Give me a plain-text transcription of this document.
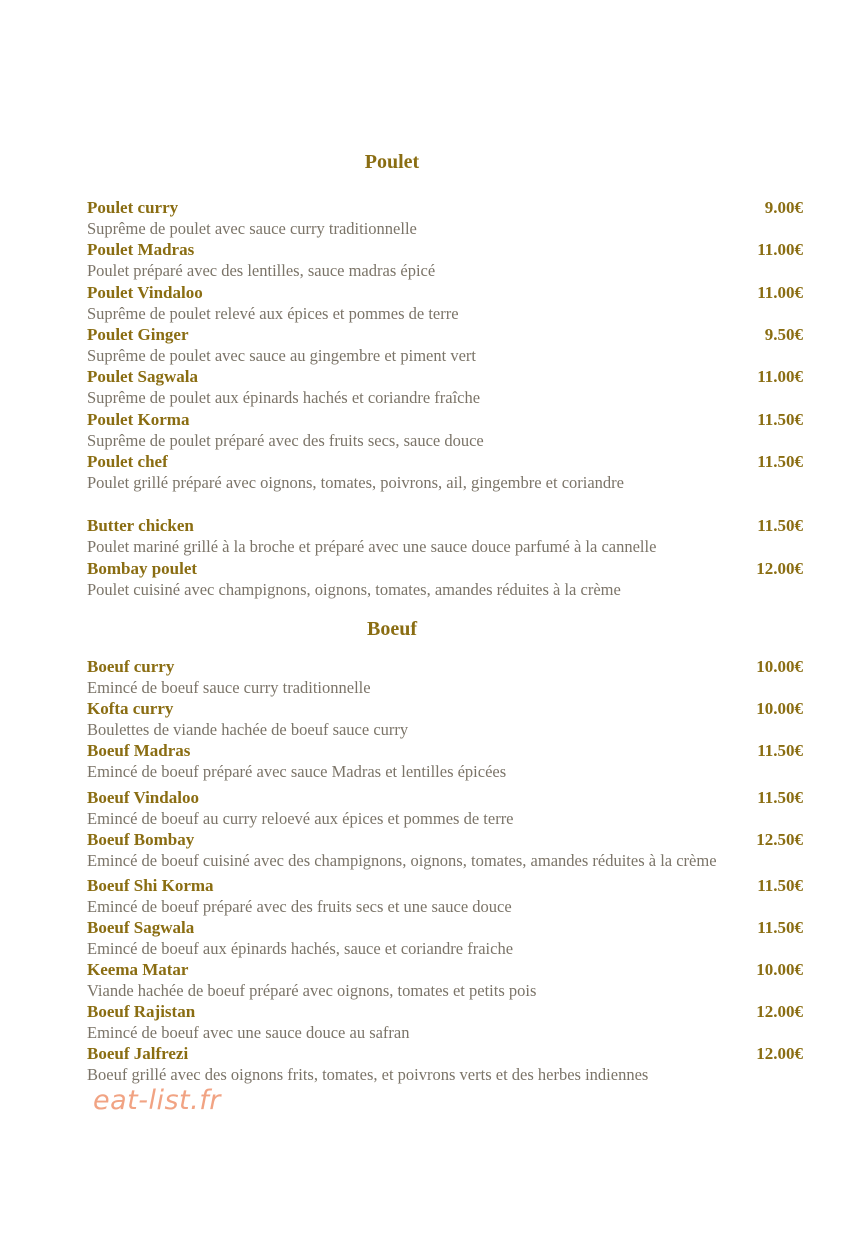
Poulet
Poulet curry	9.00€
Suprême de poulet avec sauce curry traditionnelle
Poulet Madras	11.00€
Poulet préparé avec des lentilles, sauce madras épicé
Poulet Vindaloo	11.00€
Suprême de poulet relevé aux épices et pommes de terre
Poulet Ginger	9.50€
Suprême de poulet avec sauce au gingembre et piment vert
Poulet Sagwala	11.00€
Suprême de poulet aux épinards hachés et coriandre fraîche
Poulet Korma	11.50€
Suprême de poulet préparé avec des fruits secs, sauce douce
Poulet chef	11.50€
Poulet grillé préparé avec oignons, tomates, poivrons, ail, gingembre et coriandre
Butter chicken	11.50€
Poulet mariné grillé à la broche et préparé avec une sauce douce parfumé à la cannelle
Bombay poulet	12.00€
Poulet cuisiné avec champignons, oignons, tomates, amandes réduites à la crème
Boeuf
Boeuf curry	10.00€
Emincé de boeuf sauce curry traditionnelle
Kofta curry	10.00€
Boulettes de viande hachée de boeuf sauce curry
Boeuf Madras	11.50€
Emincé de boeuf préparé avec sauce Madras et lentilles épicées
Boeuf Vindaloo	11.50€
Emincé de boeuf au curry reloevé aux épices et pommes de terre
Boeuf Bombay	12.50€
Emincé de boeuf cuisiné avec des champignons, oignons, tomates, amandes réduites à la crème
Boeuf Shi Korma	11.50€
Emincé de boeuf préparé avec des fruits secs et une sauce douce
Boeuf Sagwala	11.50€
Emincé de boeuf aux épinards hachés, sauce et coriandre fraiche
Keema Matar	10.00€
Viande hachée de boeuf préparé avec oignons, tomates et petits pois
Boeuf Rajistan	12.00€
Emincé de boeuf avec une sauce douce au safran
Boeuf Jalfrezi	12.00€
Boeuf grillé avec des oignons frits, tomates, et poivrons verts et des herbes indiennes
eat-list.fr
